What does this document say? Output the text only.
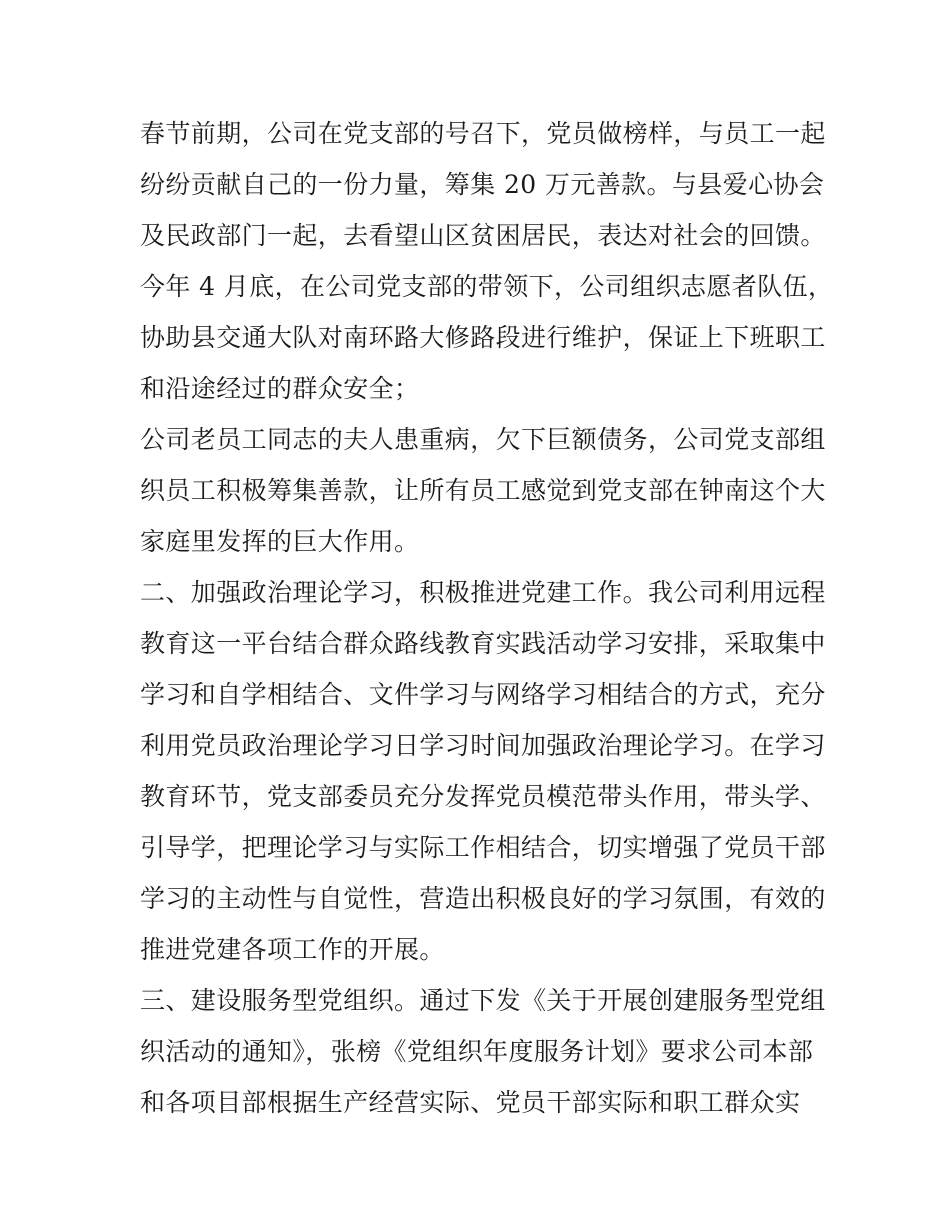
春节前期，公司在党支部的号召下，党员做榜样，与员工一起
纷纷贡献自己的一份力量，筹集 20 万元善款。与县爱心协会
及民政部门一起，去看望山区贫困居民，表达对社会的回馈。
今年 4 月底，在公司党支部的带领下，公司组织志愿者队伍，
协助县交通大队对南环路大修路段进行维护，保证上下班职工
和沿途经过的群众安全；
公司老员工同志的夫人患重病，欠下巨额债务，公司党支部组
织员工积极筹集善款，让所有员工感觉到党支部在钟南这个大
家庭里发挥的巨大作用。
二、加强政治理论学习，积极推进党建工作。我公司利用远程
教育这一平台结合群众路线教育实践活动学习安排，采取集中
学习和自学相结合、文件学习与网络学习相结合的方式，充分
利用党员政治理论学习日学习时间加强政治理论学习。在学习
教育环节，党支部委员充分发挥党员模范带头作用，带头学、
引导学，把理论学习与实际工作相结合，切实增强了党员干部
学习的主动性与自觉性，营造出积极良好的学习氛围，有效的
推进党建各项工作的开展。
三、建设服务型党组织。通过下发《关于开展创建服务型党组
织活动的通知》，张榜《党组织年度服务计划》要求公司本部
和各项目部根据生产经营实际、党员干部实际和职工群众实
